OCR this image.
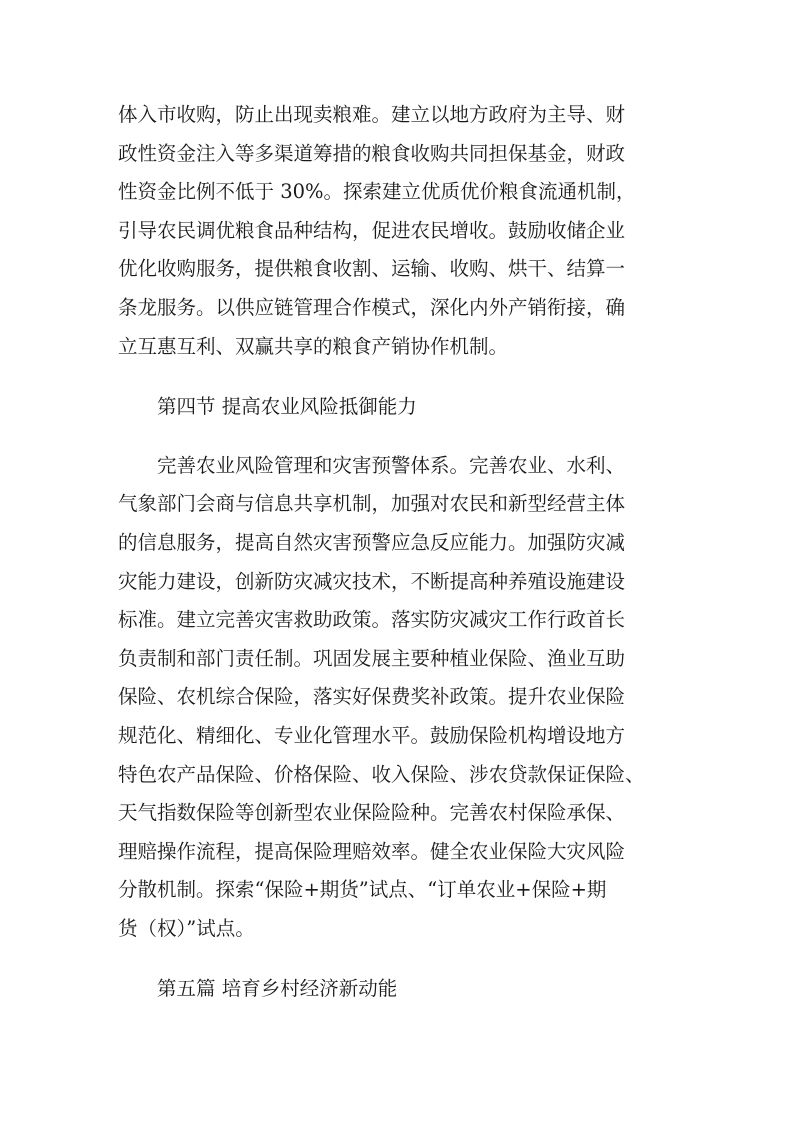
体入市收购，防止出现卖粮难。建立以地方政府为主导、财
政性资金注入等多渠道筹措的粮食收购共同担保基金，财政
性资金比例不低于 30%。探索建立优质优价粮食流通机制，
引导农民调优粮食品种结构，促进农民增收。鼓励收储企业
优化收购服务，提供粮食收割、运输、收购、烘干、结算一
条龙服务。以供应链管理合作模式，深化内外产销衔接，确
立互惠互利、双赢共享的粮食产销协作机制。
第四节 提高农业风险抵御能力
完善农业风险管理和灾害预警体系。完善农业、水利、
气象部门会商与信息共享机制，加强对农民和新型经营主体
的信息服务，提高自然灾害预警应急反应能力。加强防灾减
灾能力建设，创新防灾减灾技术，不断提高种养殖设施建设
标准。建立完善灾害救助政策。落实防灾减灾工作行政首长
负责制和部门责任制。巩固发展主要种植业保险、渔业互助
保险、农机综合保险，落实好保费奖补政策。提升农业保险
规范化、精细化、专业化管理水平。鼓励保险机构增设地方
特色农产品保险、价格保险、收入保险、涉农贷款保证保险、
天气指数保险等创新型农业保险险种。完善农村保险承保、
理赔操作流程，提高保险理赔效率。健全农业保险大灾风险
分散机制。探索“保险+期货”试点、“订单农业+保险+期
货（权）”试点。
第五篇 培育乡村经济新动能
